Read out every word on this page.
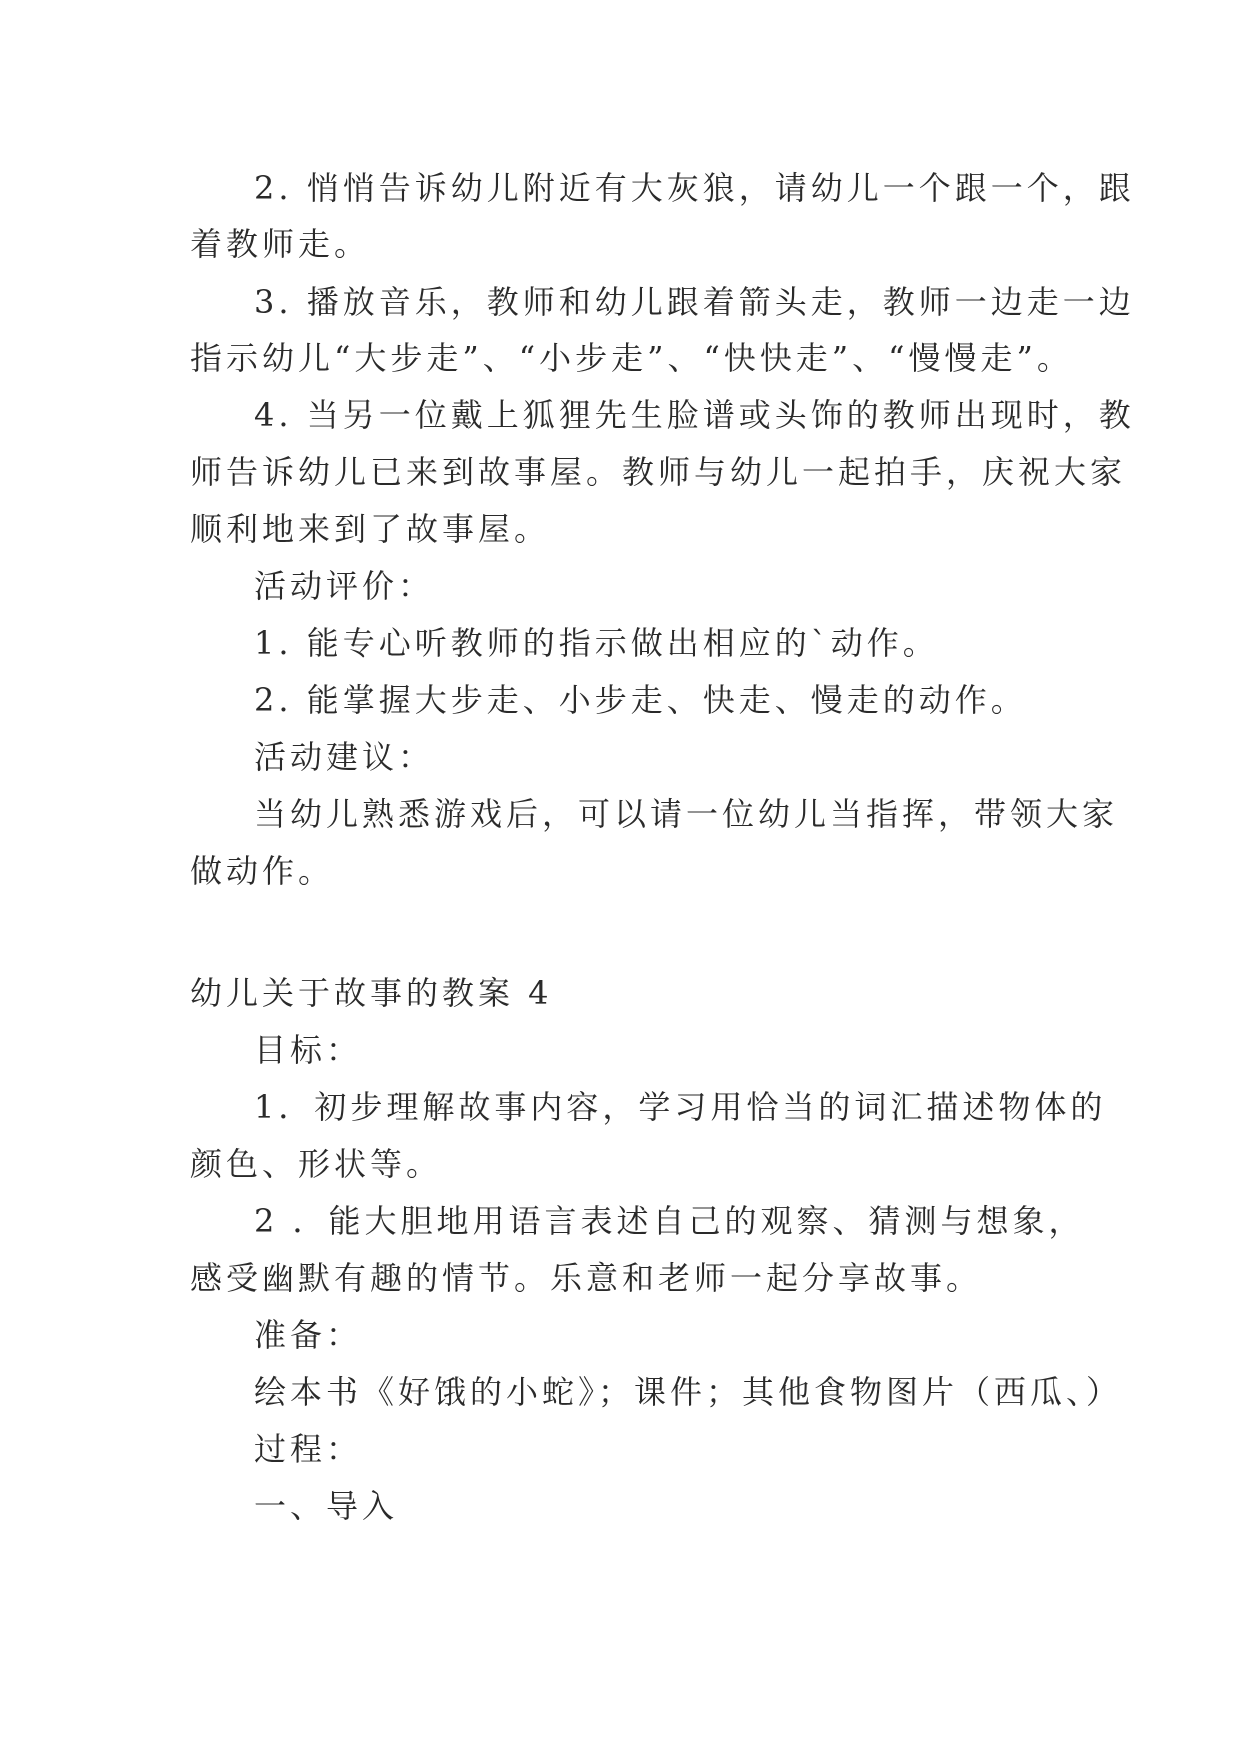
2. 悄悄告诉幼儿附近有大灰狼，请幼儿一个跟一个，跟
着教师走。
3. 播放音乐，教师和幼儿跟着箭头走，教师一边走一边
指示幼儿“大步走”、“小步走”、“快快走”、“慢慢走”。
4. 当另一位戴上狐狸先生脸谱或头饰的教师出现时，教
师告诉幼儿已来到故事屋。教师与幼儿一起拍手，庆祝大家
顺利地来到了故事屋。
活动评价：
1. 能专心听教师的指示做出相应的`动作。
2. 能掌握大步走、小步走、快走、慢走的动作。
活动建议：
当幼儿熟悉游戏后，可以请一位幼儿当指挥，带领大家
做动作。
幼儿关于故事的教案 4
目标：
1．初步理解故事内容，学习用恰当的词汇描述物体的
颜色、形状等。
2 ．能大胆地用语言表述自己的观察、猜测与想象，
感受幽默有趣的情节。乐意和老师一起分享故事。
准备：
绘本书《好饿的小蛇》；课件；其他食物图片（西瓜、）
过程：
一、导入
